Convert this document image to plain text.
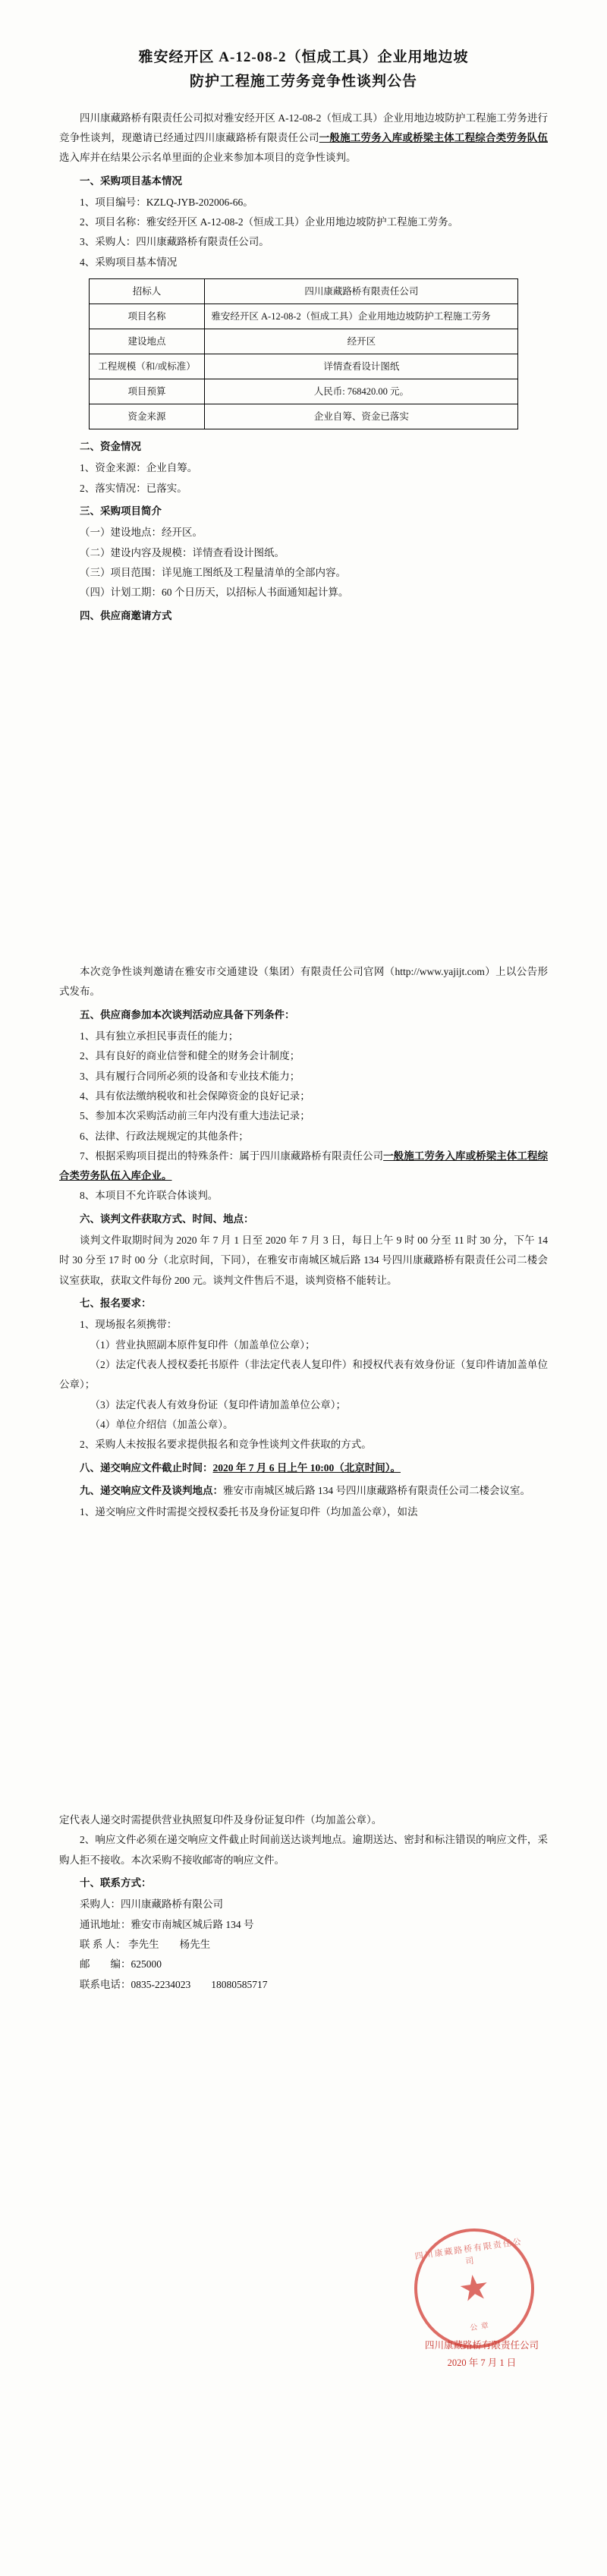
雅安经开区 A-12-08-2（恒成工具）企业用地边坡
防护工程施工劳务竞争性谈判公告

四川康藏路桥有限责任公司拟对雅安经开区 A-12-08-2（恒成工具）企业用地边坡防护工程施工劳务进行竞争性谈判，现邀请已经通过四川康藏路桥有限责任公司一般施工劳务入库或桥梁主体工程综合类劳务队伍选入库并在结果公示名单里面的企业来参加本项目的竞争性谈判。

一、采购项目基本情况

1、项目编号：KZLQ-JYB-202006-66。

2、项目名称：雅安经开区 A-12-08-2（恒成工具）企业用地边坡防护工程施工劳务。

3、采购人：四川康藏路桥有限责任公司。

4、采购项目基本情况

招标人	四川康藏路桥有限责任公司
项目名称	雅安经开区 A-12-08-2（恒成工具）企业用地边坡防护工程施工劳务
建设地点	经开区
工程规模（和/或标准）	详情查看设计图纸
项目预算	人民币: 768420.00 元。
资金来源	企业自筹、资金已落实

二、资金情况

1、资金来源：企业自筹。

2、落实情况：已落实。

三、采购项目简介

（一）建设地点：经开区。

（二）建设内容及规模：详情查看设计图纸。

（三）项目范围：详见施工图纸及工程量清单的全部内容。

（四）计划工期：60 个日历天，以招标人书面通知起计算。

四、供应商邀请方式

本次竞争性谈判邀请在雅安市交通建设（集团）有限责任公司官网（http://www.yajijt.com）上以公告形式发布。

五、供应商参加本次谈判活动应具备下列条件：

1、具有独立承担民事责任的能力；

2、具有良好的商业信誉和健全的财务会计制度；

3、具有履行合同所必须的设备和专业技术能力；

4、具有依法缴纳税收和社会保障资金的良好记录；

5、参加本次采购活动前三年内没有重大违法记录；

6、法律、行政法规规定的其他条件；

7、根据采购项目提出的特殊条件：属于四川康藏路桥有限责任公司一般施工劳务入库或桥梁主体工程综合类劳务队伍入库企业。

8、本项目不允许联合体谈判。

六、谈判文件获取方式、时间、地点：

谈判文件取期时间为 2020 年 7 月 1 日至 2020 年 7 月 3 日，每日上午 9 时 00 分至 11 时 30 分，下午 14 时 30 分至 17 时 00 分（北京时间，下同），在雅安市南城区城后路 134 号四川康藏路桥有限责任公司二楼会议室获取，获取文件每份 200 元。谈判文件售后不退，谈判资格不能转让。

七、报名要求：

1、现场报名须携带：

（1）营业执照副本原件复印件（加盖单位公章）；

（2）法定代表人授权委托书原件（非法定代表人复印件）和授权代表有效身份证（复印件请加盖单位公章）；

（3）法定代表人有效身份证（复印件请加盖单位公章）；

（4）单位介绍信（加盖公章）。

2、采购人未按报名要求提供报名和竞争性谈判文件获取的方式。

八、递交响应文件截止时间：2020 年 7 月 6 日上午 10:00（北京时间）。

九、递交响应文件及谈判地点：雅安市南城区城后路 134 号四川康藏路桥有限责任公司二楼会议室。

1、递交响应文件时需提交授权委托书及身份证复印件（均加盖公章），如法

定代表人递交时需提供营业执照复印件及身份证复印件（均加盖公章）。

2、响应文件必须在递交响应文件截止时间前送达谈判地点。逾期送达、密封和标注错误的响应文件，采购人拒不接收。本次采购不接收邮寄的响应文件。

十、联系方式：

采购人：四川康藏路桥有限公司

通讯地址：雅安市南城区城后路 134 号

联 系 人： 李先生　　杨先生

邮　　编：625000

联系电话：0835-2234023　　18080585717

四川康藏路桥有限责任公司
★
公 章
四川康藏路桥有限责任公司
2020 年 7 月 1 日
